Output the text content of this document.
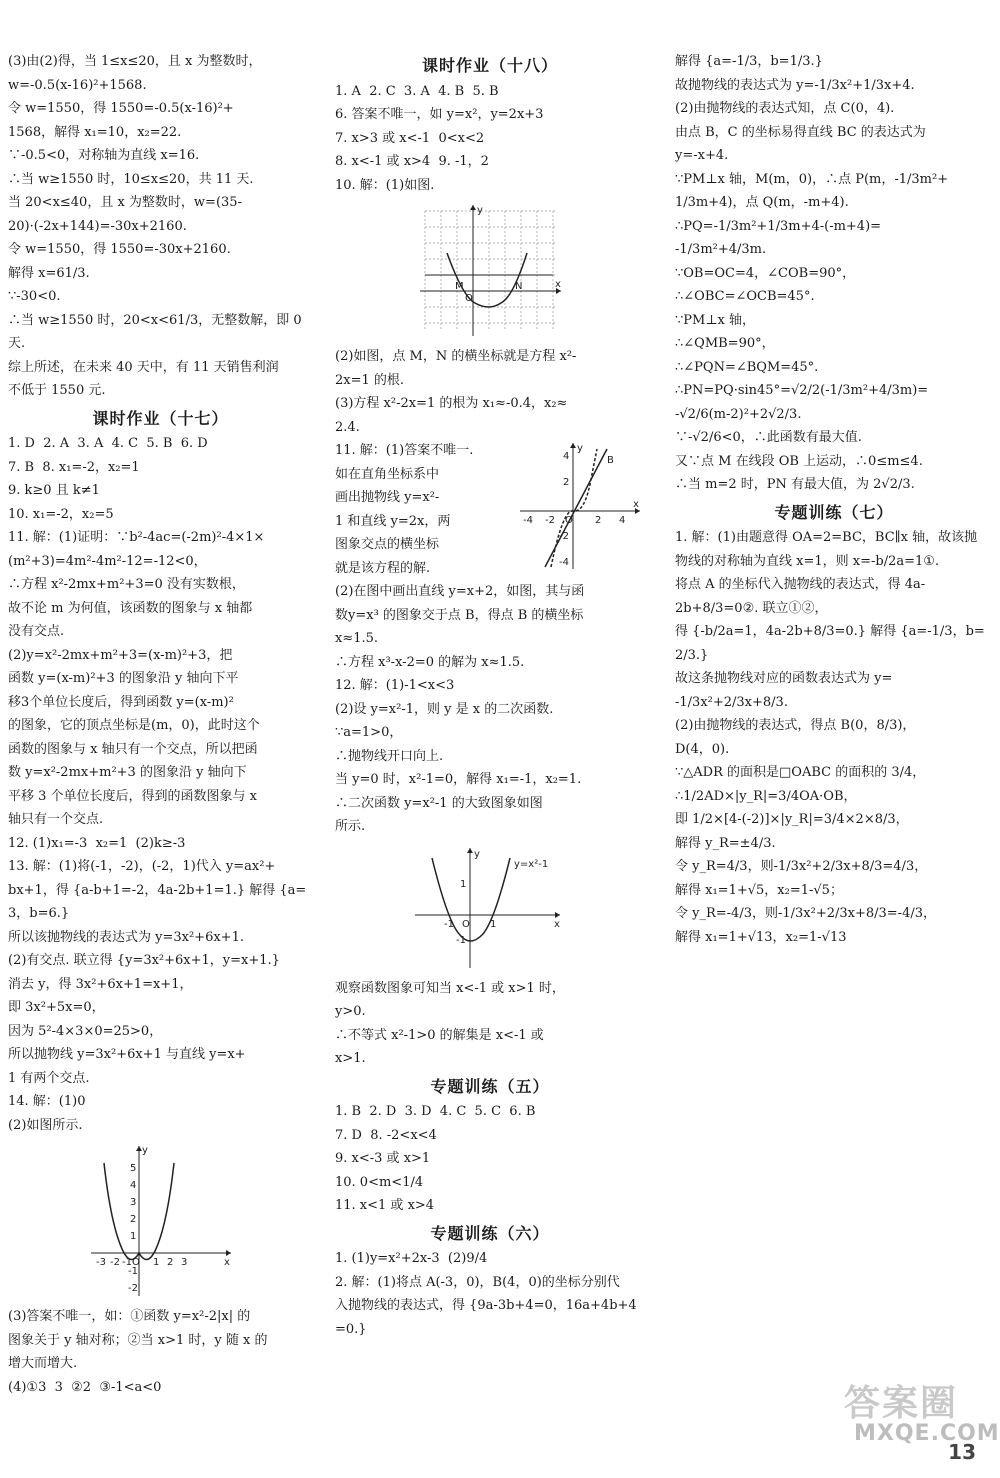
(3)由(2)得，当 1≤x≤20，且 x 为整数时，

w=-0.5(x-16)²+1568.

令 w=1550，得 1550=-0.5(x-16)²+

1568，解得 x₁=10，x₂=22.

∵-0.5<0，对称轴为直线 x=16.

∴当 w≥1550 时，10≤x≤20，共 11 天.

当 20<x≤40，且 x 为整数时，w=(35-

20)·(-2x+144)=-30x+2160.

令 w=1550，得 1550=-30x+2160.

解得 x=61/3.

∵-30<0.

∴当 w≥1550 时，20<x<61/3，无整数解，即 0 天.

综上所述，在未来 40 天中，有 11 天销售利润

不低于 1550 元.

课时作业（十七）

1. D  2. A  3. A  4. C  5. B  6. D

7. B  8. x₁=-2，x₂=1

9. k≥0 且 k≠1

10. x₁=-2，x₂=5

11. 解：(1)证明：∵b²-4ac=(-2m)²-4×1×

(m²+3)=4m²-4m²-12=-12<0，

∴方程 x²-2mx+m²+3=0 没有实数根，

故不论 m 为何值，该函数的图象与 x 轴都

没有交点.

(2)y=x²-2mx+m²+3=(x-m)²+3，把

函数 y=(x-m)²+3 的图象沿 y 轴向下平

移3个单位长度后，得到函数 y=(x-m)²

的图象，它的顶点坐标是(m，0)，此时这个

函数的图象与 x 轴只有一个交点，所以把函

数 y=x²-2mx+m²+3 的图象沿 y 轴向下

平移 3 个单位长度后，得到的函数图象与 x

轴只有一个交点.

12. (1)x₁=-3  x₂=1  (2)k≥-3

13. 解：(1)将(-1，-2)，(-2，1)代入 y=ax²+

bx+1，得 {a-b+1=-2，4a-2b+1=1.} 解得 {a=3，b=6.}

所以该抛物线的表达式为 y=3x²+6x+1.

(2)有交点. 联立得 {y=3x²+6x+1，y=x+1.}

消去 y，得 3x²+6x+1=x+1，

即 3x²+5x=0，

因为 5²-4×3×0=25>0，

所以抛物线 y=3x²+6x+1 与直线 y=x+

1 有两个交点.

14. 解：(1)0

(2)如图所示.

y
x
5
4
3
2
1
-3 -2 -1 O 1 2 3
-1
-2

(3)答案不唯一，如：①函数 y=x²-2|x| 的

图象关于 y 轴对称；②当 x>1 时，y 随 x 的

增大而增大.

(4)①3  3  ②2  ③-1<a<0

课时作业（十八）

1. A  2. C  3. A  4. B  5. B

6. 答案不唯一，如 y=x²，y=2x+3

7. x>3 或 x<-1  0<x<2

8. x<-1 或 x>4  9. -1，2

10. 解：(1)如图.

y
x
M
O
N

(2)如图，点 M，N 的横坐标就是方程 x²-

2x=1 的根.

(3)方程 x²-2x=1 的根为 x₁≈-0.4，x₂≈

2.4.

y
x
B
4
2
-4 -2 O 2 4
-2
-4

11. 解：(1)答案不唯一.

如在直角坐标系中

画出抛物线 y=x²-

1 和直线 y=2x，两

图象交点的横坐标

就是该方程的解.

(2)在图中画出直线 y=x+2，如图，其与函

数y=x³ 的图象交于点 B，得点 B 的横坐标

x≈1.5.

∴方程 x³-x-2=0 的解为 x≈1.5.

12. 解：(1)-1<x<3

(2)设 y=x²-1，则 y 是 x 的二次函数.

∵a=1>0，

∴抛物线开口向上.

当 y=0 时，x²-1=0，解得 x₁=-1，x₂=1.

∴二次函数 y=x²-1 的大致图象如图

所示.

y
x
y=x²-1
1
-1 O 1
-1

观察函数图象可知当 x<-1 或 x>1 时，

y>0.

∴不等式 x²-1>0 的解集是 x<-1 或

x>1.

专题训练（五）

1. B  2. D  3. D  4. C  5. C  6. B

7. D  8. -2<x<4

9. x<-3 或 x>1

10. 0<m<1/4

11. x<1 或 x>4

专题训练（六）

1. (1)y=x²+2x-3  (2)9/4

2. 解：(1)将点 A(-3，0)，B(4，0)的坐标分别代

入抛物线的表达式，得 {9a-3b+4=0，16a+4b+4=0.}

解得 {a=-1/3，b=1/3.}

故抛物线的表达式为 y=-1/3x²+1/3x+4.

(2)由抛物线的表达式知，点 C(0，4).

由点 B，C 的坐标易得直线 BC 的表达式为

y=-x+4.

∵PM⊥x 轴，M(m，0)，∴点 P(m，-1/3m²+

1/3m+4)，点 Q(m，-m+4).

∴PQ=-1/3m²+1/3m+4-(-m+4)=

-1/3m²+4/3m.

∵OB=OC=4，∠COB=90°，

∴∠OBC=∠OCB=45°.

∵PM⊥x 轴，

∴∠QMB=90°，

∴∠PQN=∠BQM=45°.

∴PN=PQ·sin45°=√2/2(-1/3m²+4/3m)=

-√2/6(m-2)²+2√2/3.

∵-√2/6<0，∴此函数有最大值.

又∵点 M 在线段 OB 上运动，∴0≤m≤4.

∴当 m=2 时，PN 有最大值，为 2√2/3.

专题训练（七）

1. 解：(1)由题意得 OA=2=BC，BC∥x 轴，故该抛

物线的对称轴为直线 x=1，则 x=-b/2a=1①.

将点 A 的坐标代入抛物线的表达式，得 4a-

2b+8/3=0②. 联立①②，

得 {-b/2a=1，4a-2b+8/3=0.} 解得 {a=-1/3，b=2/3.}

故这条抛物线对应的函数表达式为 y=

-1/3x²+2/3x+8/3.

(2)由抛物线的表达式，得点 B(0，8/3)，

D(4，0).

∵△ADR 的面积是□OABC 的面积的 3/4，

∴1/2AD×|y_R|=3/4OA·OB，

即 1/2×[4-(-2)]×|y_R|=3/4×2×8/3，

解得 y_R=±4/3.

令 y_R=4/3，则-1/3x²+2/3x+8/3=4/3，

解得 x₁=1+√5，x₂=1-√5；

令 y_R=-4/3，则-1/3x²+2/3x+8/3=-4/3，

解得 x₁=1+√13，x₂=1-√13

答案圈
MXQE.COM
13
